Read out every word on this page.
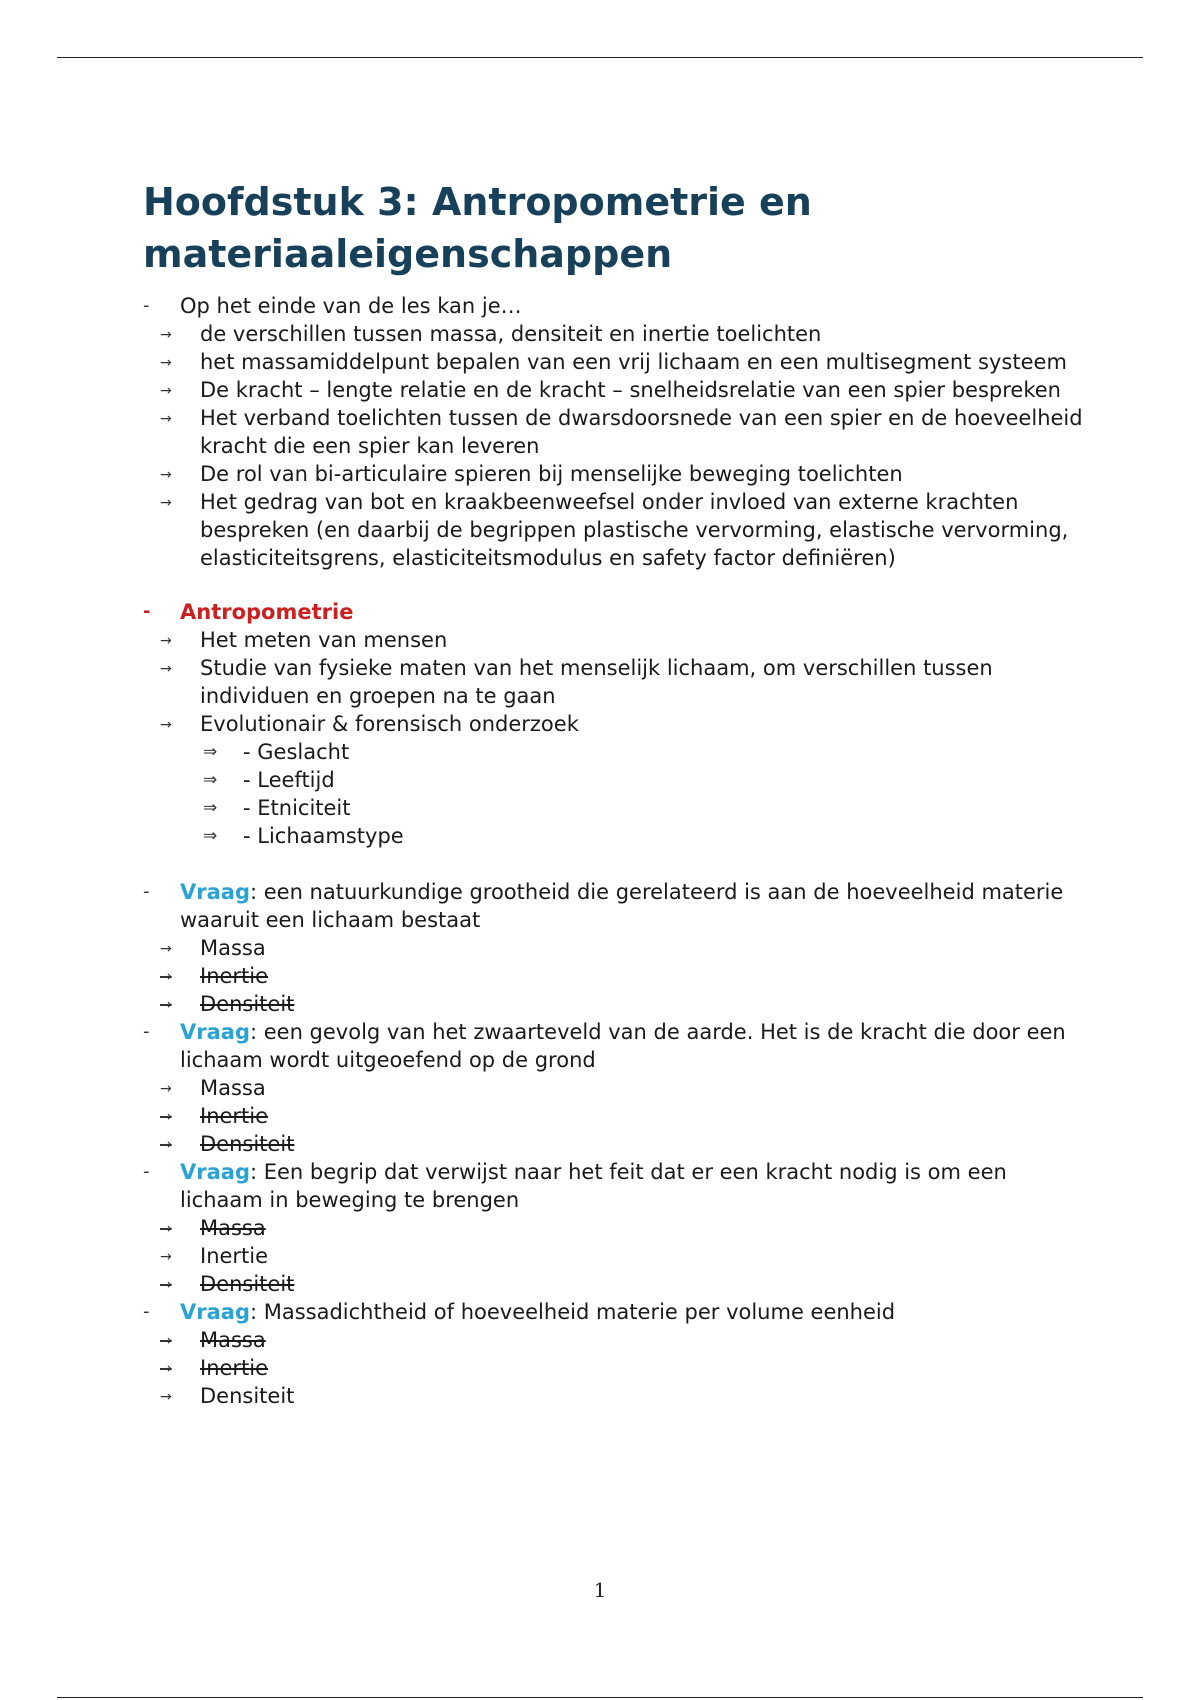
Hoofdstuk 3: Antropometrie en materiaaleigenschappen
- Op het einde van de les kan je…
→ de verschillen tussen massa, densiteit en inertie toelichten
→ het massamiddelpunt bepalen van een vrij lichaam en een multisegment systeem
→ De kracht – lengte relatie en de kracht – snelheidsrelatie van een spier bespreken
→ Het verband toelichten tussen de dwarsdoorsnede van een spier en de hoeveelheid kracht die een spier kan leveren
→ De rol van bi-articulaire spieren bij menselijke beweging toelichten
→ Het gedrag van bot en kraakbeenweefsel onder invloed van externe krachten bespreken (en daarbij de begrippen plastische vervorming, elastische vervorming, elasticiteitsgrens, elasticiteitsmodulus en safety factor definiëren)
- Antropometrie
→ Het meten van mensen
→ Studie van fysieke maten van het menselijk lichaam, om verschillen tussen individuen en groepen na te gaan
→ Evolutionair & forensisch onderzoek
⇒ - Geslacht
⇒ - Leeftijd
⇒ - Etniciteit
⇒ - Lichaamstype
- Vraag: een natuurkundige grootheid die gerelateerd is aan de hoeveelheid materie waaruit een lichaam bestaat
→ Massa
→ Inertie
→ Densiteit
- Vraag: een gevolg van het zwaarteveld van de aarde. Het is de kracht die door een lichaam wordt uitgeoefend op de grond
→ Massa
→ Inertie
→ Densiteit
- Vraag: Een begrip dat verwijst naar het feit dat er een kracht nodig is om een lichaam in beweging te brengen
→ Massa
→ Inertie
→ Densiteit
- Vraag: Massadichtheid of hoeveelheid materie per volume eenheid
→ Massa
→ Inertie
→ Densiteit
1
